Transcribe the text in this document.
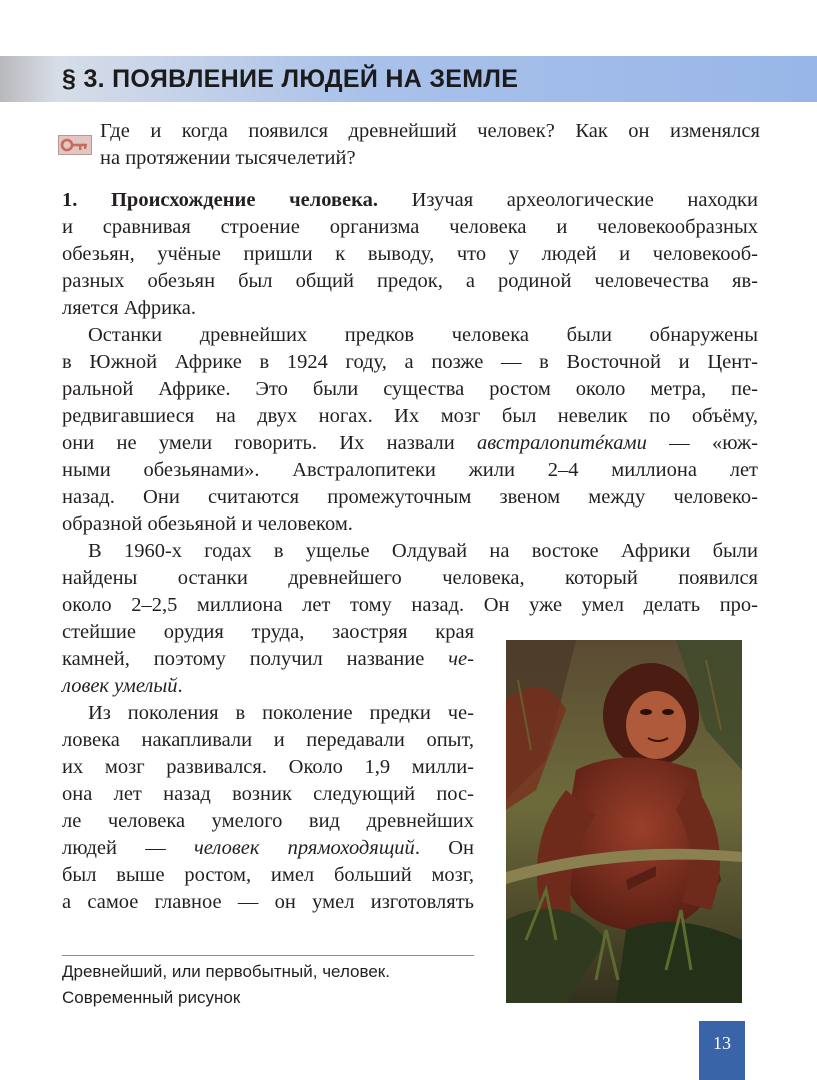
§ 3. ПОЯВЛЕНИЕ ЛЮДЕЙ НА ЗЕМЛЕ

Где и когда появился древнейший человек? Как он изменялся
на протяжении тысячелетий?

1. Происхождение человека. Изучая археологические находки
и сравнивая строение организма человека и человекообразных
обезьян, учёные пришли к выводу, что у людей и человекооб-
разных обезьян был общий предок, а родиной человечества яв-
ляется Африка.

Останки древнейших предков человека были обнаружены
в Южной Африке в 1924 году, а позже — в Восточной и Цент-
ральной Африке. Это были существа ростом около метра, пе-
редвигавшиеся на двух ногах. Их мозг был невелик по объёму,
они не умели говорить. Их назвали австралопитéками — «юж-
ными обезьянами». Австралопитеки жили 2–4 миллиона лет
назад. Они считаются промежуточным звеном между человеко-
образной обезьяной и человеком.

В 1960-х годах в ущелье Олдувай на востоке Африки были
найдены останки древнейшего человека, который появился
около 2–2,5 миллиона лет тому назад. Он уже умел делать про-

стейшие орудия труда, заостряя края
камней, поэтому получил название че-
ловек умелый.

Из поколения в поколение предки че-
ловека накапливали и передавали опыт,
их мозг развивался. Около 1,9 милли-
она лет назад возник следующий пос-
ле человека умелого вид древнейших
людей — человек прямоходящий. Он
был выше ростом, имел больший мозг,
а самое главное — он умел изготовлять

Древнейший, или первобытный, человек.
Современный рисунок

13
